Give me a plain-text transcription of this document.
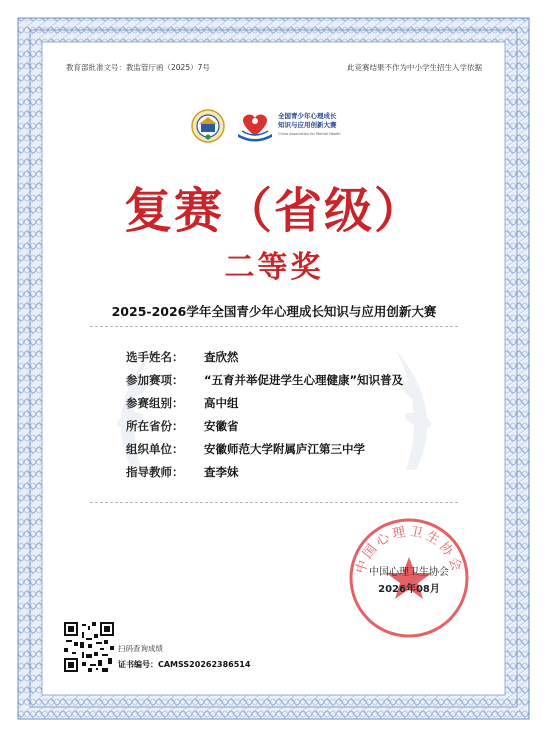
教育部批准文号：教监管厅函（2025）7号	此竞赛结果不作为中小学生招生入学依据
全国青少年心理成长
知识与应用创新大赛
China Association for Mental Health
复赛（省级）
二等奖
2025-2026学年全国青少年心理成长知识与应用创新大赛
选手姓名： 查欣然
参加赛项： “五育并举促进学生心理健康”知识普及
参赛组别： 高中组
所在省份： 安徽省
组织单位： 安徽师范大学附属庐江第三中学
指导教师： 查李妹
中国心理卫生协会
中国心理卫生协会
2026年08月
扫码查询成绩
证书编号：CAMSS20262386514
